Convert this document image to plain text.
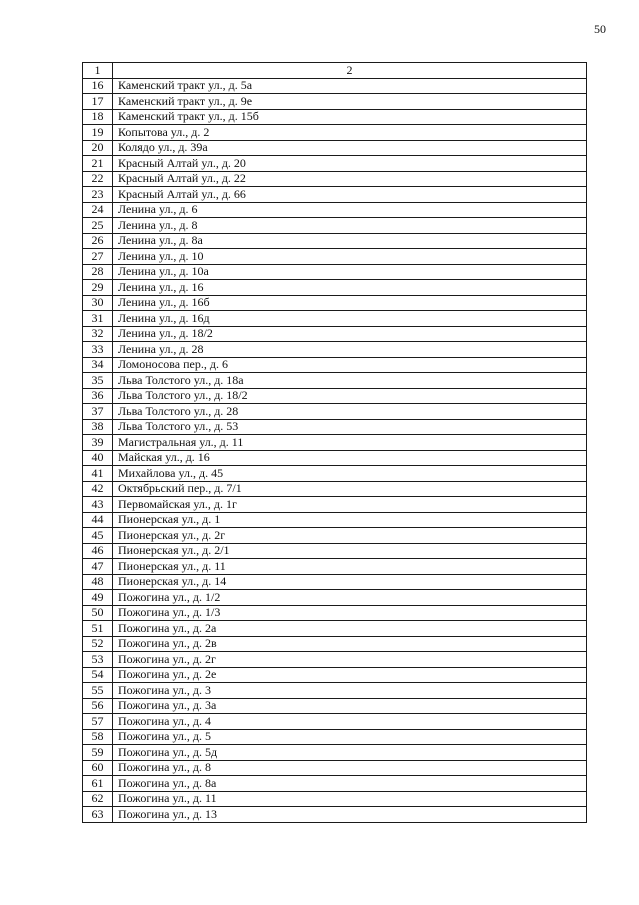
50
1	2
16	Каменский тракт ул., д. 5а
17	Каменский тракт ул., д. 9е
18	Каменский тракт ул., д. 15б
19	Копытова ул., д. 2
20	Колядо ул., д. 39а
21	Красный Алтай ул., д. 20
22	Красный Алтай ул., д. 22
23	Красный Алтай ул., д. 66
24	Ленина ул., д. 6
25	Ленина ул., д. 8
26	Ленина ул., д. 8а
27	Ленина ул., д. 10
28	Ленина ул., д. 10а
29	Ленина ул., д. 16
30	Ленина ул., д. 16б
31	Ленина ул., д. 16д
32	Ленина ул., д. 18/2
33	Ленина ул., д. 28
34	Ломоносова пер., д. 6
35	Льва Толстого ул., д. 18а
36	Льва Толстого ул., д. 18/2
37	Льва Толстого ул., д. 28
38	Льва Толстого ул., д. 53
39	Магистральная ул., д. 11
40	Майская ул., д. 16
41	Михайлова ул., д. 45
42	Октябрьский пер., д. 7/1
43	Первомайская ул., д. 1г
44	Пионерская ул., д. 1
45	Пионерская ул., д. 2г
46	Пионерская ул., д. 2/1
47	Пионерская ул., д. 11
48	Пионерская ул., д. 14
49	Пожогина ул., д. 1/2
50	Пожогина ул., д. 1/3
51	Пожогина ул., д. 2а
52	Пожогина ул., д. 2в
53	Пожогина ул., д. 2г
54	Пожогина ул., д. 2е
55	Пожогина ул., д. 3
56	Пожогина ул., д. 3а
57	Пожогина ул., д. 4
58	Пожогина ул., д. 5
59	Пожогина ул., д. 5д
60	Пожогина ул., д. 8
61	Пожогина ул., д. 8а
62	Пожогина ул., д. 11
63	Пожогина ул., д. 13
